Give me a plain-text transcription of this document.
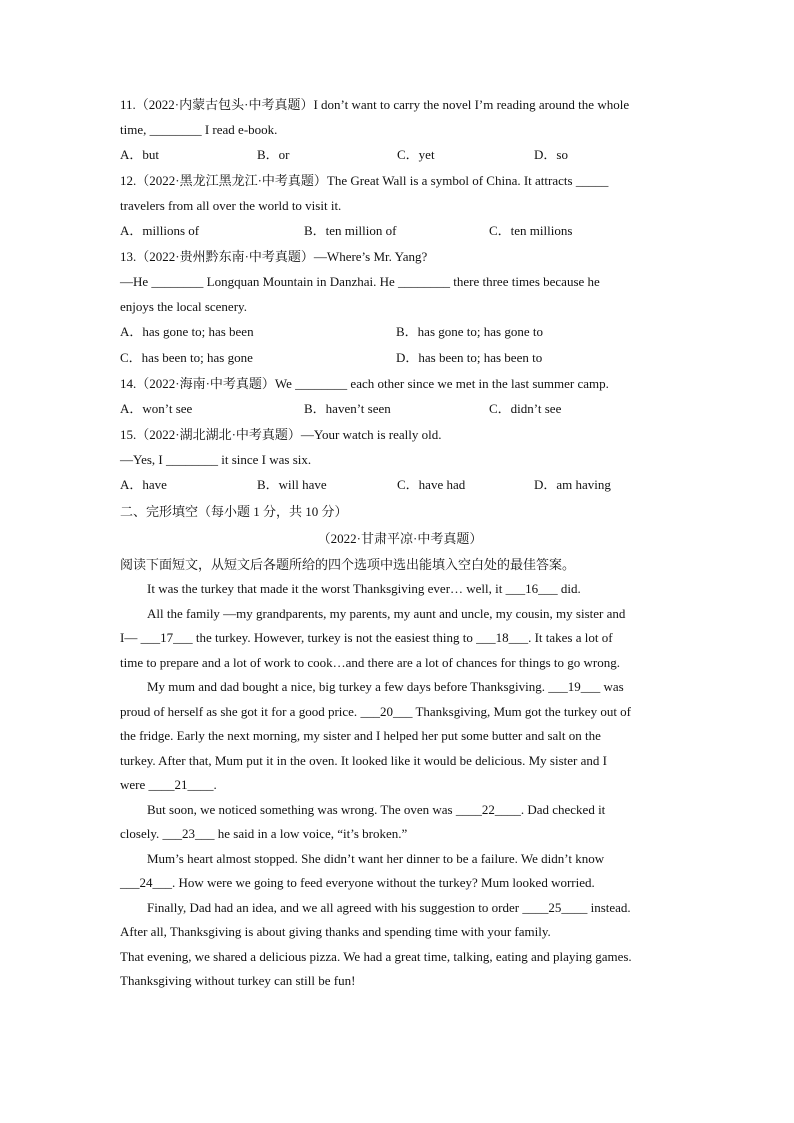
11.（2022·内蒙古包头·中考真题）I don’t want to carry the novel I’m reading around the whole
time, ________ I read e-book.
A．but	B．or	C．yet	D．so
12.（2022·黑龙江黑龙江·中考真题）The Great Wall is a symbol of China. It attracts _____
travelers from all over the world to visit it.
A．millions of	B．ten million of	C．ten millions
13.（2022·贵州黔东南·中考真题）—Where’s Mr. Yang?
—He ________ Longquan Mountain in Danzhai. He ________ there three times because he
enjoys the local scenery.
A．has gone to; has been	B．has gone to; has gone to
C．has been to; has gone	D．has been to; has been to
14.（2022·海南·中考真题）We ________ each other since we met in the last summer camp.
A．won’t see	B．haven’t seen	C．didn’t see
15.（2022·湖北湖北·中考真题）—Your watch is really old.
—Yes, I ________ it since I was six.
A．have	B．will have	C．have had	D．am having
二、完形填空（每小题 1 分，共 10 分）
（2022·甘肃平凉·中考真题）
阅读下面短文，从短文后各题所给的四个选项中选出能填入空白处的最佳答案。
It was the turkey that made it the worst Thanksgiving ever… well, it ___16___ did.
All the family —my grandparents, my parents, my aunt and uncle, my cousin, my sister and
I— ___17___ the turkey. However, turkey is not the easiest thing to ___18___. It takes a lot of
time to prepare and a lot of work to cook…and there are a lot of chances for things to go wrong.
My mum and dad bought a nice, big turkey a few days before Thanksgiving. ___19___ was
proud of herself as she got it for a good price. ___20___ Thanksgiving, Mum got the turkey out of
the fridge. Early the next morning, my sister and I helped her put some butter and salt on the
turkey. After that, Mum put it in the oven. It looked like it would be delicious. My sister and I
were ____21____.
But soon, we noticed something was wrong. The oven was ____22____. Dad checked it
closely. ___23___ he said in a low voice, “it’s broken.”
Mum’s heart almost stopped. She didn’t want her dinner to be a failure. We didn’t know
___24___. How were we going to feed everyone without the turkey? Mum looked worried.
Finally, Dad had an idea, and we all agreed with his suggestion to order ____25____ instead.
After all, Thanksgiving is about giving thanks and spending time with your family.
That evening, we shared a delicious pizza. We had a great time, talking, eating and playing games.
Thanksgiving without turkey can still be fun!
